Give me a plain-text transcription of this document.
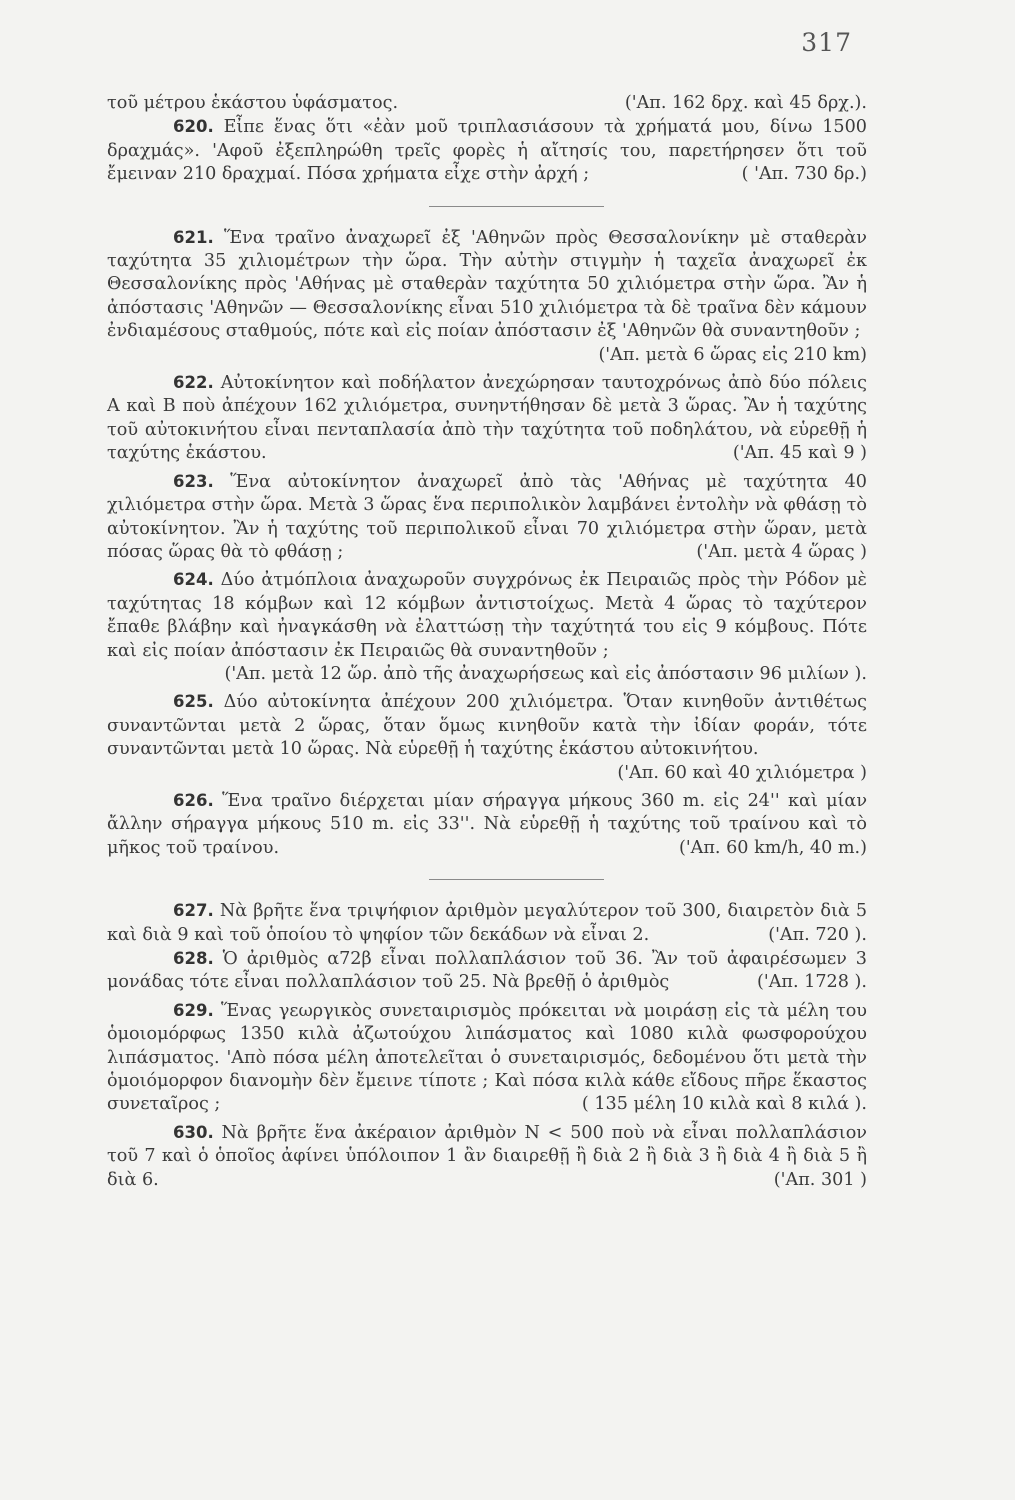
317
('Απ. 162 δρχ. καὶ 45 δρχ.).
τοῦ μέτρου ἑκάστου ὑφάσματος.

620. Εἶπε ἕνας ὅτι «ἐὰν μοῦ τριπλασιάσουν τὰ χρήματά μου, δίνω 1500 δραχμάς». 'Αφοῦ ἐξεπληρώθη τρεῖς φορὲς ἡ αἴτησίς του, παρετήρησεν ὅτι τοῦ ἔμειναν 210 δραχμαί. Πόσα χρήματα εἶχε στὴν ἀρχή ;	( 'Απ. 730 δρ.)

621. Ἕνα τραῖνο ἀναχωρεῖ ἐξ 'Αθηνῶν πρὸς Θεσσαλονίκην μὲ σταθερὰν ταχύτητα 35 χιλιομέτρων τὴν ὥρα. Τὴν αὐτὴν στιγμὴν ἡ ταχεῖα ἀναχωρεῖ ἐκ Θεσσαλονίκης πρὸς 'Αθήνας μὲ σταθερὰν ταχύτητα 50 χιλιόμετρα στὴν ὥρα. Ἂν ἡ ἀπόστασις 'Αθηνῶν — Θεσσαλονίκης εἶναι 510 χιλιόμετρα τὰ δὲ τραῖνα δὲν κάμουν ἐνδιαμέσους σταθμούς, πότε καὶ εἰς ποίαν ἀπόστασιν ἐξ 'Αθηνῶν θὰ συναντηθοῦν ;
('Απ. μετὰ 6 ὥρας εἰς 210 km)

622. Αὐτοκίνητον καὶ ποδήλατον ἀνεχώρησαν ταυτοχρόνως ἀπὸ δύο πόλεις Α καὶ Β ποὺ ἀπέχουν 162 χιλιόμετρα, συνηντήθησαν δὲ μετὰ 3 ὥρας. Ἂν ἡ ταχύτης τοῦ αὐτοκινήτου εἶναι πενταπλασία ἀπὸ τὴν ταχύτητα τοῦ ποδηλάτου, νὰ εὑρεθῇ ἡ ταχύτης ἑκάστου.	('Απ. 45 καὶ 9 )

623. Ἕνα αὐτοκίνητον ἀναχωρεῖ ἀπὸ τὰς 'Αθήνας μὲ ταχύτητα 40 χιλιόμετρα στὴν ὥρα. Μετὰ 3 ὥρας ἕνα περιπολικὸν λαμβάνει ἐντολὴν νὰ φθάσῃ τὸ αὐτοκίνητον. Ἂν ἡ ταχύτης τοῦ περιπολικοῦ εἶναι 70 χιλιόμετρα στὴν ὥραν, μετὰ πόσας ὥρας θὰ τὸ φθάσῃ ;	('Απ. μετὰ 4 ὥρας )

624. Δύο ἀτμόπλοια ἀναχωροῦν συγχρόνως ἐκ Πειραιῶς πρὸς τὴν Ρόδον μὲ ταχύτητας 18 κόμβων καὶ 12 κόμβων ἀντιστοίχως. Μετὰ 4 ὥρας τὸ ταχύτερον ἔπαθε βλάβην καὶ ἠναγκάσθη νὰ ἐλαττώσῃ τὴν ταχύτητά του εἰς 9 κόμβους. Πότε καὶ εἰς ποίαν ἀπόστασιν ἐκ Πειραιῶς θὰ συναντηθοῦν ;
('Απ. μετὰ 12 ὥρ. ἀπὸ τῆς ἀναχωρήσεως καὶ εἰς ἀπόστασιν 96 μιλίων ).

625. Δύο αὐτοκίνητα ἀπέχουν 200 χιλιόμετρα. Ὅταν κινηθοῦν ἀντιθέτως συναντῶνται μετὰ 2 ὥρας, ὅταν ὅμως κινηθοῦν κατὰ τὴν ἰδίαν φοράν, τότε συναντῶνται μετὰ 10 ὥρας. Νὰ εὑρεθῇ ἡ ταχύτης ἑκάστου αὐτοκινήτου.
('Απ. 60 καὶ 40 χιλιόμετρα )

626. Ἕνα τραῖνο διέρχεται μίαν σήραγγα μήκους 360 m. εἰς 24'' καὶ μίαν ἄλλην σήραγγα μήκους 510 m. εἰς 33''. Νὰ εὑρεθῇ ἡ ταχύτης τοῦ τραίνου καὶ τὸ μῆκος τοῦ τραίνου.	('Απ. 60 km/h, 40 m.)

627. Νὰ βρῆτε ἕνα τριψήφιον ἀριθμὸν μεγαλύτερον τοῦ 300, διαιρετὸν διὰ 5 καὶ διὰ 9 καὶ τοῦ ὁποίου τὸ ψηφίον τῶν δεκάδων νὰ εἶναι 2.	('Απ. 720 ).

628. Ὁ ἀριθμὸς α72β εἶναι πολλαπλάσιον τοῦ 36. Ἂν τοῦ ἀφαιρέσωμεν 3 μονάδας τότε εἶναι πολλαπλάσιον τοῦ 25. Νὰ βρεθῇ ὁ ἀριθμὸς	('Απ. 1728 ).

629. Ἕνας γεωργικὸς συνεταιρισμὸς πρόκειται νὰ μοιράσῃ εἰς τὰ μέλη του ὁμοιομόρφως 1350 κιλὰ ἀζωτούχου λιπάσματος καὶ 1080 κιλὰ φωσφορούχου λιπάσματος. 'Απὸ πόσα μέλη ἀποτελεῖται ὁ συνεταιρισμός, δεδομένου ὅτι μετὰ τὴν ὁμοιόμορφον διανομὴν δὲν ἔμεινε τίποτε ; Καὶ πόσα κιλὰ κάθε εἴδους πῆρε ἕκαστος συνεταῖρος ;	( 135 μέλη 10 κιλὰ καὶ 8 κιλά ).

630. Νὰ βρῆτε ἕνα ἀκέραιον ἀριθμὸν N < 500 ποὺ νὰ εἶναι πολλαπλάσιον τοῦ 7 καὶ ὁ ὁποῖος ἀφίνει ὑπόλοιπον 1 ἂν διαιρεθῇ ἢ διὰ 2 ἢ διὰ 3 ἢ διὰ 4 ἢ διὰ 5 ἢ διὰ 6.	('Απ. 301 )
